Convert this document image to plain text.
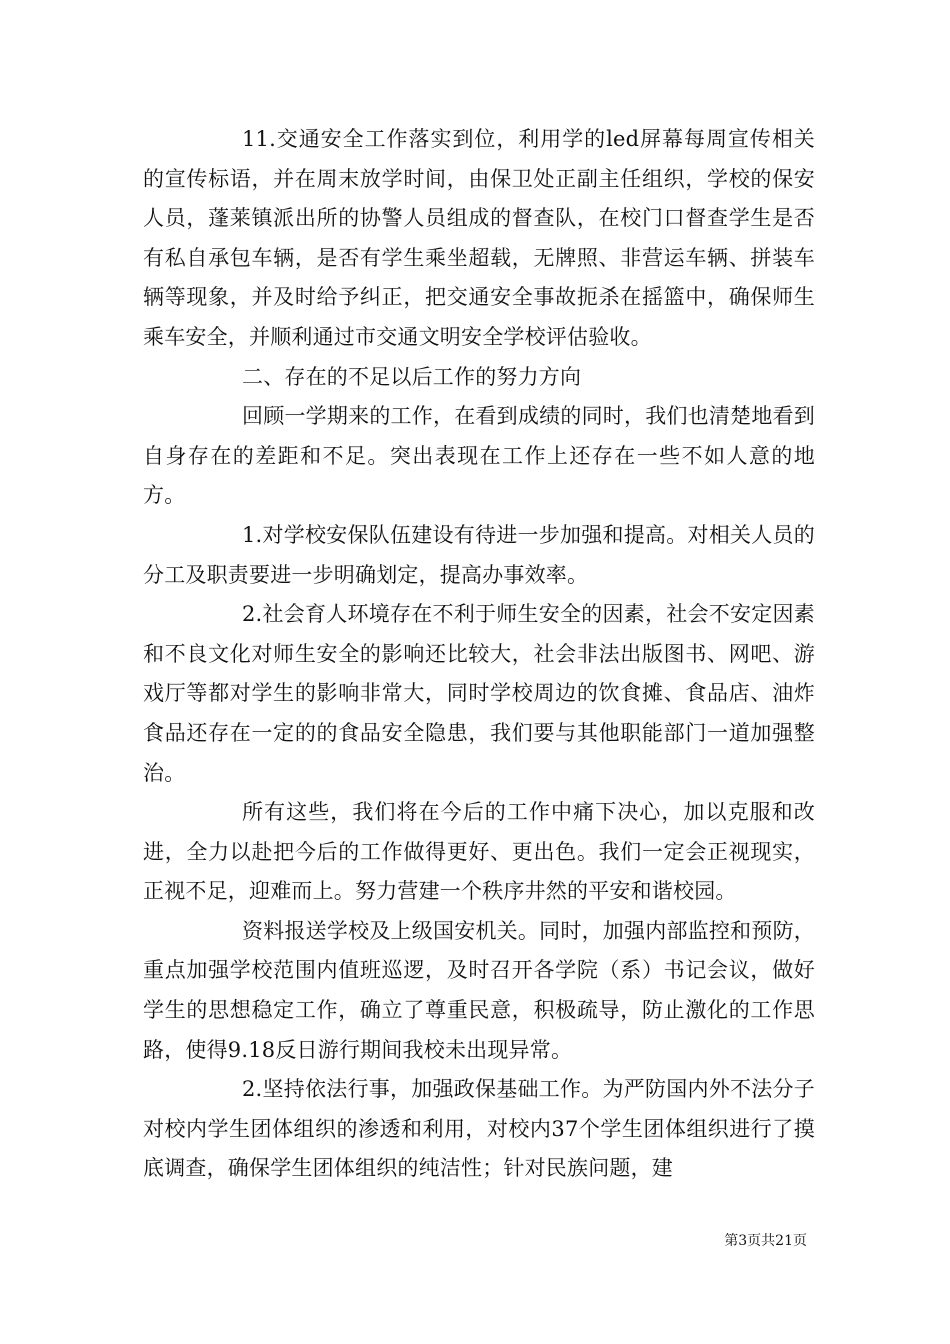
11.交通安全工作落实到位，利用学的led屏幕每周宣传相关的宣传标语，并在周末放学时间，由保卫处正副主任组织，学校的保安人员，蓬莱镇派出所的协警人员组成的督查队，在校门口督查学生是否有私自承包车辆，是否有学生乘坐超载，无牌照、非营运车辆、拼装车辆等现象，并及时给予纠正，把交通安全事故扼杀在摇篮中，确保师生乘车安全，并顺利通过市交通文明安全学校评估验收。

二、存在的不足以后工作的努力方向

回顾一学期来的工作，在看到成绩的同时，我们也清楚地看到自身存在的差距和不足。突出表现在工作上还存在一些不如人意的地方。

1.对学校安保队伍建设有待进一步加强和提高。对相关人员的分工及职责要进一步明确划定，提高办事效率。

2.社会育人环境存在不利于师生安全的因素，社会不安定因素和不良文化对师生安全的影响还比较大，社会非法出版图书、网吧、游戏厅等都对学生的影响非常大，同时学校周边的饮食摊、食品店、油炸食品还存在一定的的食品安全隐患，我们要与其他职能部门一道加强整治。

所有这些，我们将在今后的工作中痛下决心，加以克服和改进，全力以赴把今后的工作做得更好、更出色。我们一定会正视现实，正视不足，迎难而上。努力营建一个秩序井然的平安和谐校园。

资料报送学校及上级国安机关。同时，加强内部监控和预防，重点加强学校范围内值班巡逻，及时召开各学院（系）书记会议，做好学生的思想稳定工作，确立了尊重民意，积极疏导，防止激化的工作思路，使得9.18反日游行期间我校未出现异常。

2.坚持依法行事，加强政保基础工作。为严防国内外不法分子对校内学生团体组织的渗透和利用，对校内37个学生团体组织进行了摸底调查，确保学生团体组织的纯洁性；针对民族问题，建

第3页共21页
